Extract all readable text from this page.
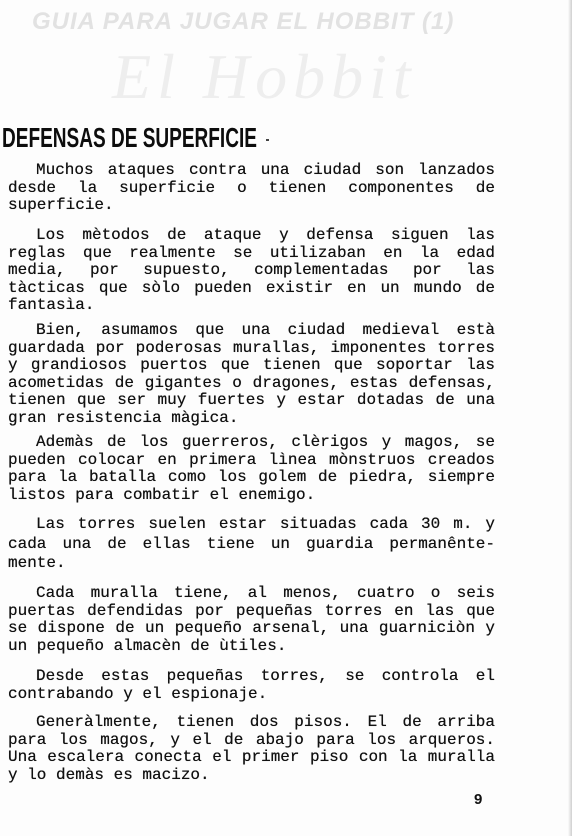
GUIA PARA JUGAR EL HOBBIT (1)
El Hobbit
DEFENSAS DE SUPERFICIE
Muchos ataques contra una ciudad son lanzados
desde la superficie o tienen componentes de
superficie.
Los mètodos de ataque y defensa siguen las
reglas que realmente se utilizaban en la edad
media, por supuesto, complementadas por las
tàcticas que sòlo pueden existir en un mundo de
fantasìa.
Bien, asumamos que una ciudad medieval està
guardada por poderosas murallas, imponentes torres
y grandiosos puertos que tienen que soportar las
acometidas de gigantes o dragones, estas defensas,
tienen que ser muy fuertes y estar dotadas de una
gran resistencia màgica.
Ademàs de los guerreros, clèrigos y magos, se
pueden colocar en primera lìnea mònstruos creados
para la batalla como los golem de piedra, siempre
listos para combatir el enemigo.
Las torres suelen estar situadas cada 30 m. y
cada una de ellas tiene un guardia permanênte-
mente.
Cada muralla tiene, al menos, cuatro o seis
puertas defendidas por pequeñas torres en las que
se dispone de un pequeño arsenal, una guarniciòn y
un pequeño almacèn de ùtiles.
Desde estas pequeñas torres, se controla el
contrabando y el espionaje.
Generàlmente, tienen dos pisos. El de arriba
para los magos, y el de abajo para los arqueros.
Una escalera conecta el primer piso con la muralla
y lo demàs es macizo.
9
